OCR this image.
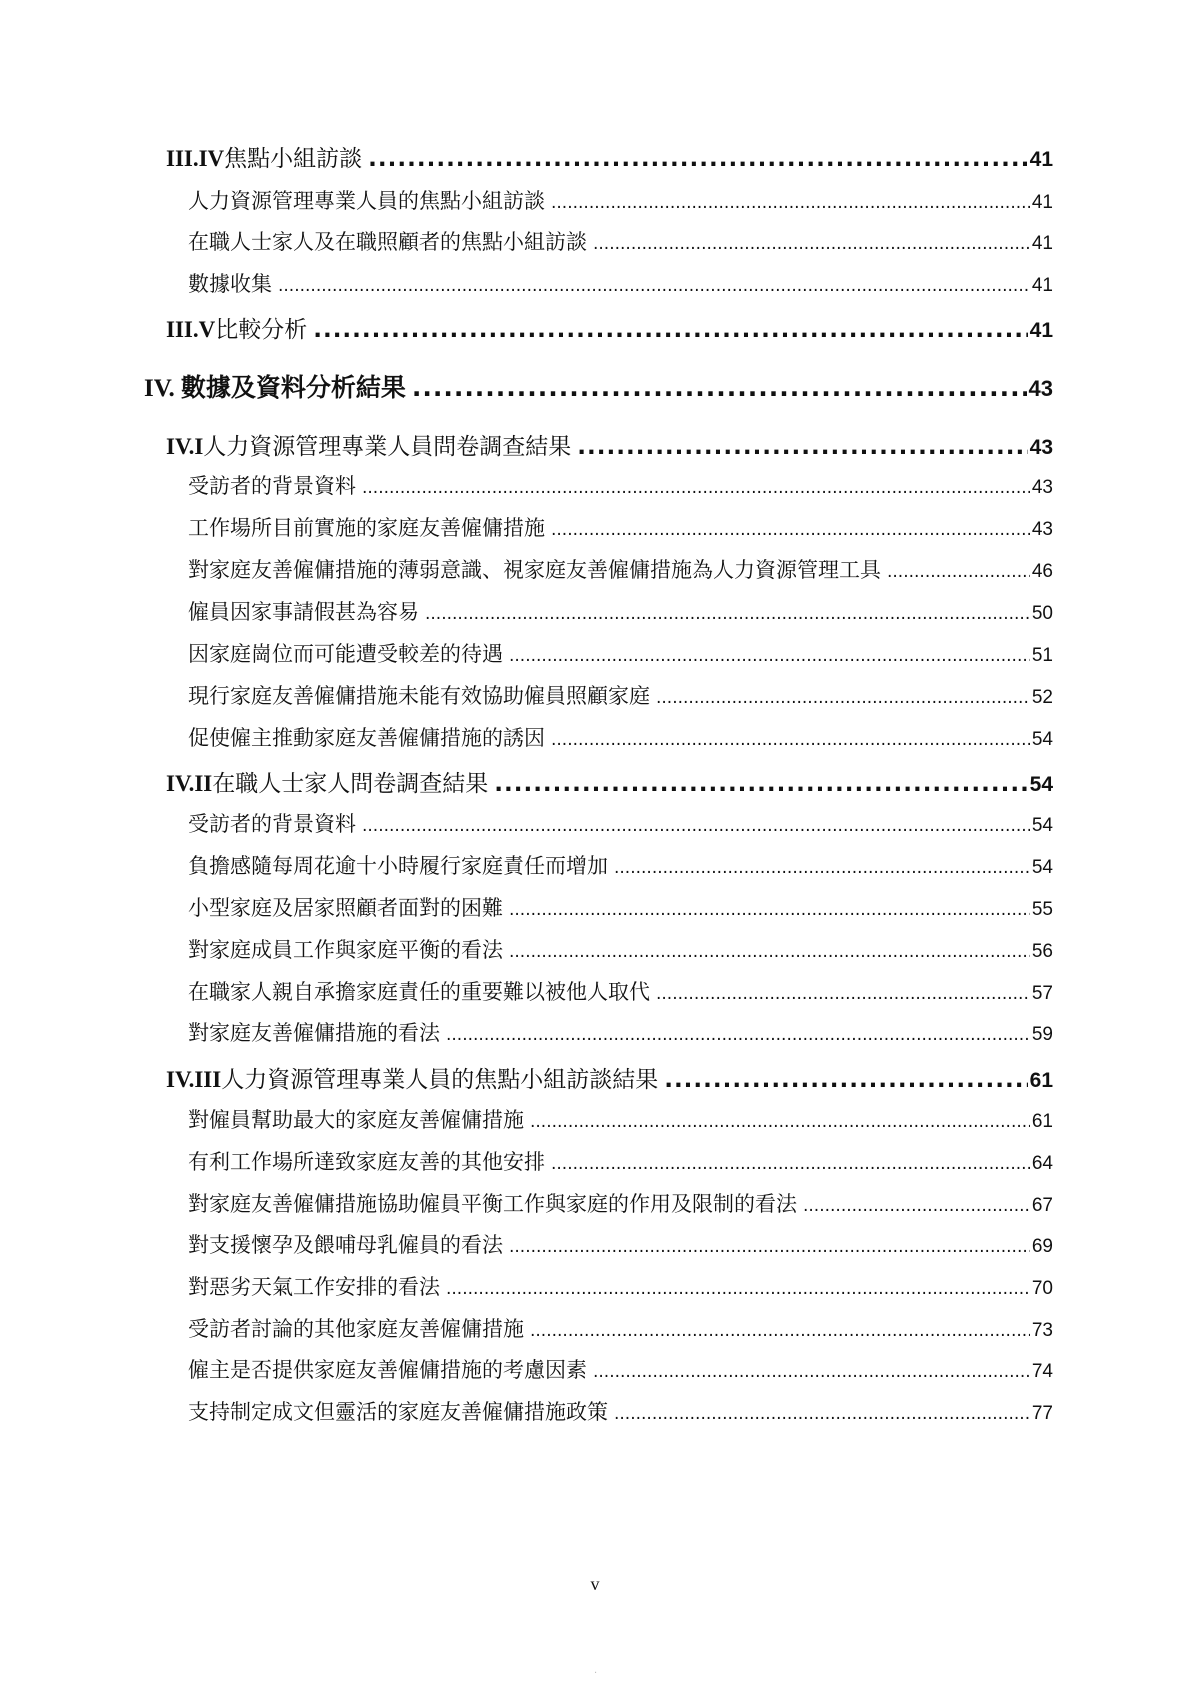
III.IV 焦點小組訪談 .....	41
人力資源管理專業人員的焦點小組訪談 .....	41
在職人士家人及在職照顧者的焦點小組訪談 .....	41
數據收集 .....	41
III.V 比較分析 .....	41
IV. 數據及資料分析結果 .....	43
IV.I 人力資源管理專業人員問卷調查結果 .....	43
受訪者的背景資料 .....	43
工作場所目前實施的家庭友善僱傭措施 .....	43
對家庭友善僱傭措施的薄弱意識、視家庭友善僱傭措施為人力資源管理工具 .....	46
僱員因家事請假甚為容易 .....	50
因家庭崗位而可能遭受較差的待遇 .....	51
現行家庭友善僱傭措施未能有效協助僱員照顧家庭 .....	52
促使僱主推動家庭友善僱傭措施的誘因 .....	54
IV.II 在職人士家人問卷調查結果 .....	54
受訪者的背景資料 .....	54
負擔感隨每周花逾十小時履行家庭責任而增加 .....	54
小型家庭及居家照顧者面對的困難 .....	55
對家庭成員工作與家庭平衡的看法 .....	56
在職家人親自承擔家庭責任的重要難以被他人取代 .....	57
對家庭友善僱傭措施的看法 .....	59
IV.III 人力資源管理專業人員的焦點小組訪談結果 .....	61
對僱員幫助最大的家庭友善僱傭措施 .....	61
有利工作場所達致家庭友善的其他安排 .....	64
對家庭友善僱傭措施協助僱員平衡工作與家庭的作用及限制的看法 .....	67
對支援懷孕及餵哺母乳僱員的看法 .....	69
對惡劣天氣工作安排的看法 .....	70
受訪者討論的其他家庭友善僱傭措施 .....	73
僱主是否提供家庭友善僱傭措施的考慮因素 .....	74
支持制定成文但靈活的家庭友善僱傭措施政策 .....	77
v
·
